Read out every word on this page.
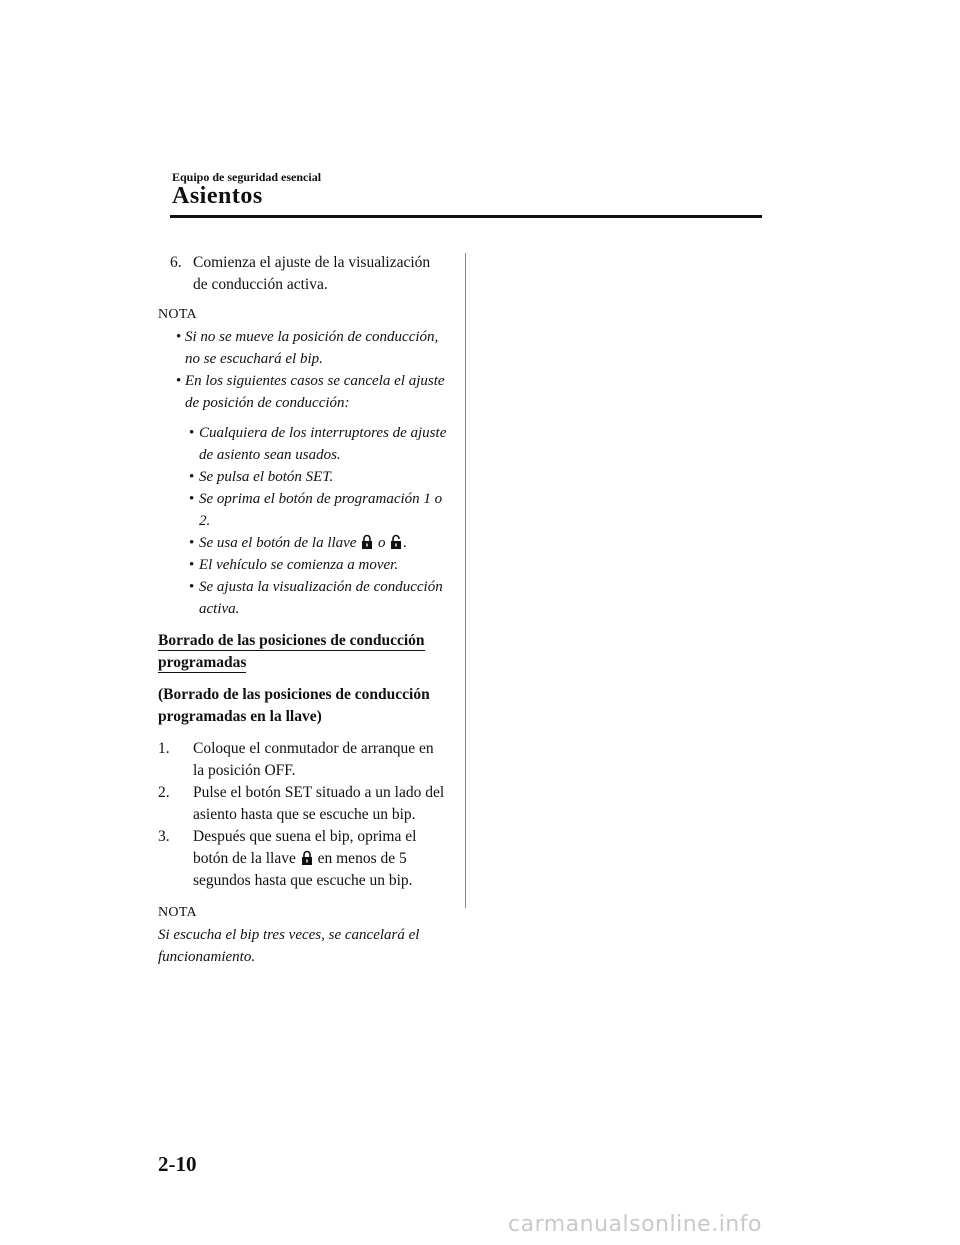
Equipo de seguridad esencial
Asientos
6. Comienza el ajuste de la visualización de conducción activa.
NOTA
• Si no se mueve la posición de conducción, no se escuchará el bip.
• En los siguientes casos se cancela el ajuste de posición de conducción:
• Cualquiera de los interruptores de ajuste de asiento sean usados.
• Se pulsa el botón SET.
• Se oprima el botón de programación 1 o 2.
• Se usa el botón de la llave o .
• El vehículo se comienza a mover.
• Se ajusta la visualización de conducción activa.
Borrado de las posiciones de conducción programadas
(Borrado de las posiciones de conducción programadas en la llave)
1. Coloque el conmutador de arranque en la posición OFF.
2. Pulse el botón SET situado a un lado del asiento hasta que se escuche un bip.
3. Después que suena el bip, oprima el botón de la llave en menos de 5 segundos hasta que escuche un bip.
NOTA
Si escucha el bip tres veces, se cancelará el funcionamiento.
2-10
carmanualsonline.info
